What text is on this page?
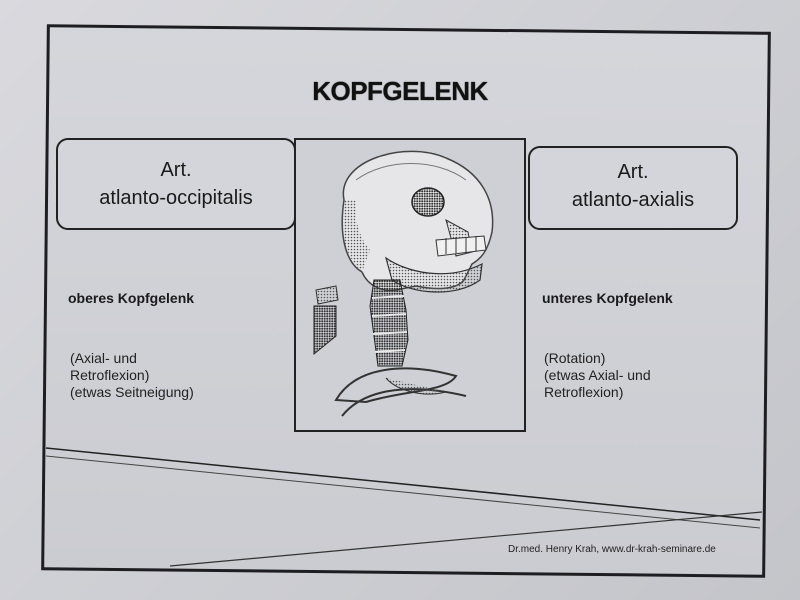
KOPFGELENK
Art.
atlanto-occipitalis
Art.
atlanto-axialis
oberes Kopfgelenk	unteres Kopfgelenk
(Axial- und
Retroflexion)
(etwas Seitneigung)
(Rotation)
(etwas Axial- und
Retroflexion)
Dr.med. Henry Krah, www.dr-krah-seminare.de
